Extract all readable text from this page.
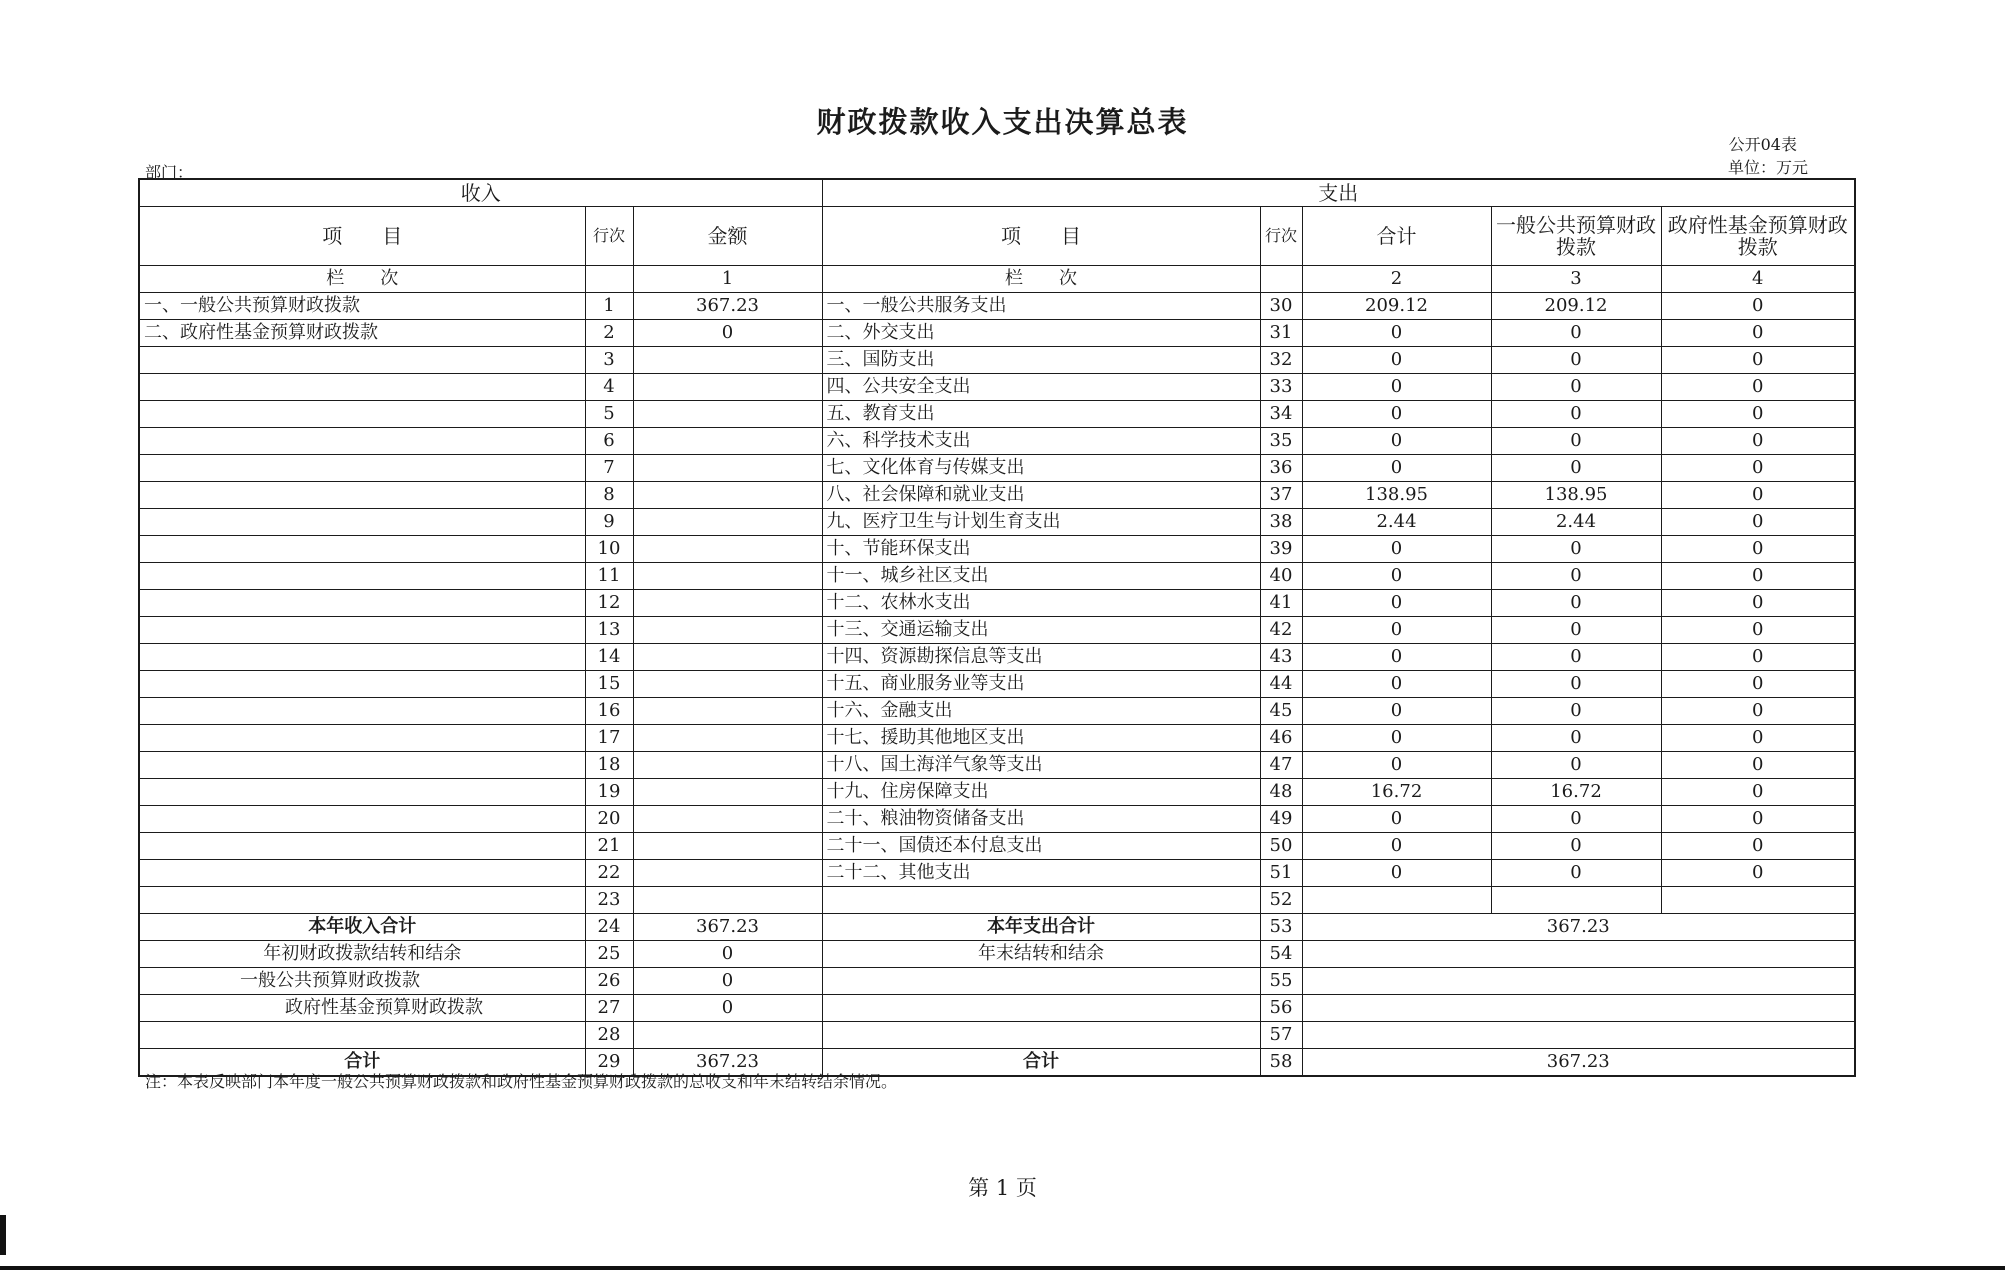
财政拨款收入支出决算总表
公开04表
单位：万元
部门：
收入			支出				
项　　目	行次	金额	项　　目	行次	合计	一般公共预算财政拨款	政府性基金预算财政拨款
栏　　次		1	栏　　次		2	3	4
一、一般公共预算财政拨款	1	367.23	一、一般公共服务支出	30	209.12	209.12	0
二、政府性基金预算财政拨款	2	0	二、外交支出	31	0	0	0
	3		三、国防支出	32	0	0	0
	4		四、公共安全支出	33	0	0	0
	5		五、教育支出	34	0	0	0
	6		六、科学技术支出	35	0	0	0
	7		七、文化体育与传媒支出	36	0	0	0
	8		八、社会保障和就业支出	37	138.95	138.95	0
	9		九、医疗卫生与计划生育支出	38	2.44	2.44	0
	10		十、节能环保支出	39	0	0	0
	11		十一、城乡社区支出	40	0	0	0
	12		十二、农林水支出	41	0	0	0
	13		十三、交通运输支出	42	0	0	0
	14		十四、资源勘探信息等支出	43	0	0	0
	15		十五、商业服务业等支出	44	0	0	0
	16		十六、金融支出	45	0	0	0
	17		十七、援助其他地区支出	46	0	0	0
	18		十八、国土海洋气象等支出	47	0	0	0
	19		十九、住房保障支出	48	16.72	16.72	0
	20		二十、粮油物资储备支出	49	0	0	0
	21		二十一、国债还本付息支出	50	0	0	0
	22		二十二、其他支出	51	0	0	0
	23			52			
本年收入合计	24	367.23	本年支出合计	53	367.23		
年初财政拨款结转和结余	25	0	年末结转和结余	54			
一般公共预算财政拨款	26	0		55			
政府性基金预算财政拨款	27	0		56			
	28			57			
合计	29	367.23	合计	58	367.23		
注：本表反映部门本年度一般公共预算财政拨款和政府性基金预算财政拨款的总收支和年末结转结余情况。
第 1 页
